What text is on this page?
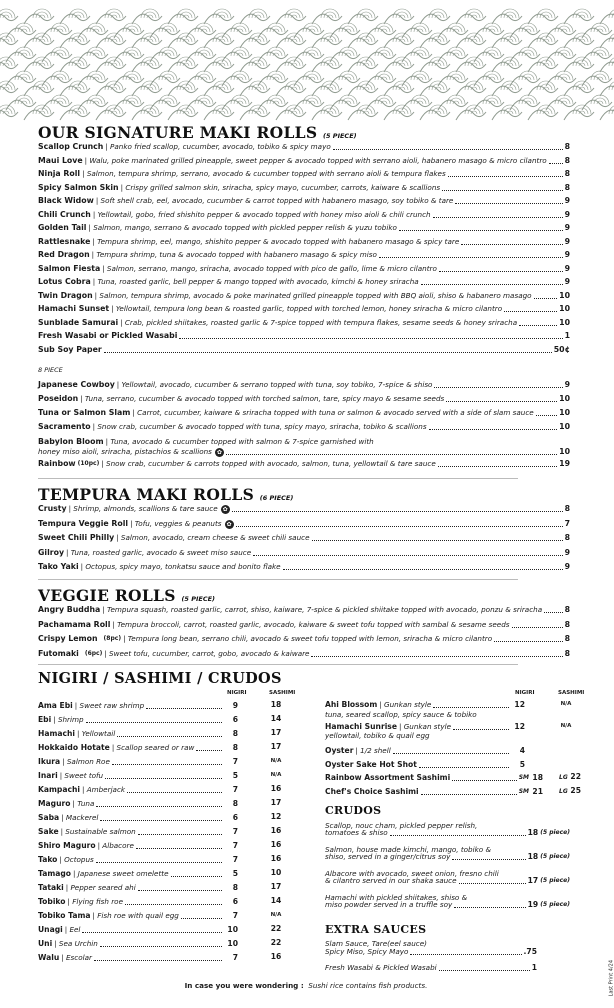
OUR SIGNATURE MAKI ROLLS (5 PIECE)
Scallop Crunch | Panko fried scallop, cucumber, avocado, tobiko & spicy mayo	8
Maui Love | Walu, poke marinated grilled pineapple, sweet pepper & avocado topped with serrano aioli, habanero masago & micro cilantro 8
Ninja Roll | Salmon, tempura shrimp, serrano, avocado & cucumber topped with serrano aioli & tempura flakes	8
Spicy Salmon Skin | Crispy grilled salmon skin, sriracha, spicy mayo, cucumber, carrots, kaiware & scallions	8
Black Widow | Soft shell crab, eel, avocado, cucumber & carrot topped with habanero masago, soy tobiko & tare	9
Chili Crunch | Yellowtail, gobo, fried shishito pepper & avocado topped with honey miso aioli & chili crunch	9
Golden Tail | Salmon, mango, serrano & avocado topped with pickled pepper relish & yuzu tobiko	9
Rattlesnake | Tempura shrimp, eel, mango, shishito pepper & avocado topped with habanero masago & spicy tare	9
Red Dragon | Tempura shrimp, tuna & avocado topped with habanero masago & spicy miso	9
Salmon Fiesta | Salmon, serrano, mango, sriracha, avocado topped with pico de gallo, lime & micro cilantro	9
Lotus Cobra | Tuna, roasted garlic, bell pepper & mango topped with avocado, kimchi & honey sriracha	9
Twin Dragon | Salmon, tempura shrimp, avocado & poke marinated grilled pineapple topped with BBQ aioli, shiso & habanero masago	10
Hamachi Sunset | Yellowtail, tempura long bean & roasted garlic, topped with torched lemon, honey sriracha & micro cilantro	10
Sunblade Samurai | Crab, pickled shiitakes, roasted garlic & 7-spice topped with tempura flakes, sesame seeds & honey sriracha	10
Fresh Wasabi or Pickled Wasabi	1
Sub Soy Paper	50¢
8 PIECE
Japanese Cowboy | Yellowtail, avocado, cucumber & serrano topped with tuna, soy tobiko, 7-spice & shiso	9
Poseidon | Tuna, serrano, cucumber & avocado topped with torched salmon, tare, spicy mayo & sesame seeds	10
Tuna or Salmon Slam | Carrot, cucumber, kaiware & sriracha topped with tuna or salmon & avocado served with a side of slam sauce	10
Sacramento | Snow crab, cucumber & avocado topped with tuna, spicy mayo, sriracha, tobiko & scallions	10
Babylon Bloom | Tuna, avocado & cucumber topped with salmon & 7-spice garnished with
honey miso aioli, sriracha, pistachios & scallions ✿	10
Rainbow (10pc) | Snow crab, cucumber & carrots topped with avocado, salmon, tuna, yellowtail & tare sauce	19
TEMPURA MAKI ROLLS (6 PIECE)
Crusty | Shrimp, almonds, scallions & tare sauce ✿	8
Tempura Veggie Roll | Tofu, veggies & peanuts ✿	7
Sweet Chili Philly | Salmon, avocado, cream cheese & sweet chili sauce	8
Gilroy | Tuna, roasted garlic, avocado & sweet miso sauce	9
Tako Yaki | Octopus, spicy mayo, tonkatsu sauce and bonito flake	9
VEGGIE ROLLS (5 PIECE)
Angry Buddha | Tempura squash, roasted garlic, carrot, shiso, kaiware, 7-spice & pickled shiitake topped with avocado, ponzu & sriracha	8
Pachamama Roll | Tempura broccoli, carrot, roasted garlic, avocado, kaiware & sweet tofu topped with sambal & sesame seeds	8
Crispy Lemon (8pc) | Tempura long bean, serrano chili, avocado & sweet tofu topped with lemon, sriracha & micro cilantro	8
Futomaki (6pc) | Sweet tofu, cucumber, carrot, gobo, avocado & kaiware	8
NIGIRI / SASHIMI / CRUDOS
NIGIRI	SASHIMI
Ama Ebi | Sweet raw shrimp	9	18
Ebi | Shrimp	6	14
Hamachi | Yellowtail	8	17
Hokkaido Hotate | Scallop seared or raw	8	17
Ikura | Salmon Roe	7	N/A
Inari | Sweet tofu	5	N/A
Kampachi | Amberjack	7	16
Maguro | Tuna	8	17
Saba | Mackerel	6	12
Sake | Sustainable salmon	7	16
Shiro Maguro | Albacore	7	16
Tako | Octopus	7	16
Tamago | Japanese sweet omelette	5	10
Tataki | Pepper seared ahi	8	17
Tobiko | Flying fish roe	6	14
Tobiko Tama | Fish roe with quail egg	7	N/A
Unagi | Eel	10	22
Uni | Sea Urchin	10	22
Walu | Escolar	7	16
NIGIRI	SASHIMI
Ahi Blossom | Gunkan style	12	N/A
tuna, seared scallop, spicy sauce & tobiko
Hamachi Sunrise | Gunkan style	12	N/A
yellowtail, tobiko & quail egg
Oyster | 1/2 shell	4
Oyster Sake Hot Shot	5
Rainbow Assortment Sashimi	SM 18	LG 22
Chef's Choice Sashimi	SM 21	LG 25
CRUDOS
Scallop, nouc cham, pickled pepper relish,
tomatoes & shiso	18 (5 piece)
Salmon, house made kimchi, mango, tobiko &
shiso, served in a ginger/citrus soy	18 (5 piece)
Albacore with avocado, sweet onion, fresno chili
& cilantro served in our shaka sauce	17 (5 piece)
Hamachi with pickled shiitakes, shiso &
miso powder served in a truffle soy	19 (5 piece)
EXTRA SAUCES
Slam Sauce, Tare(eel sauce)
Spicy Miso, Spicy Mayo	.75
Fresh Wasabi & Pickled Wasabi	1
In case you were wondering : Sushi rice contains fish products.	Last Print 4/24
